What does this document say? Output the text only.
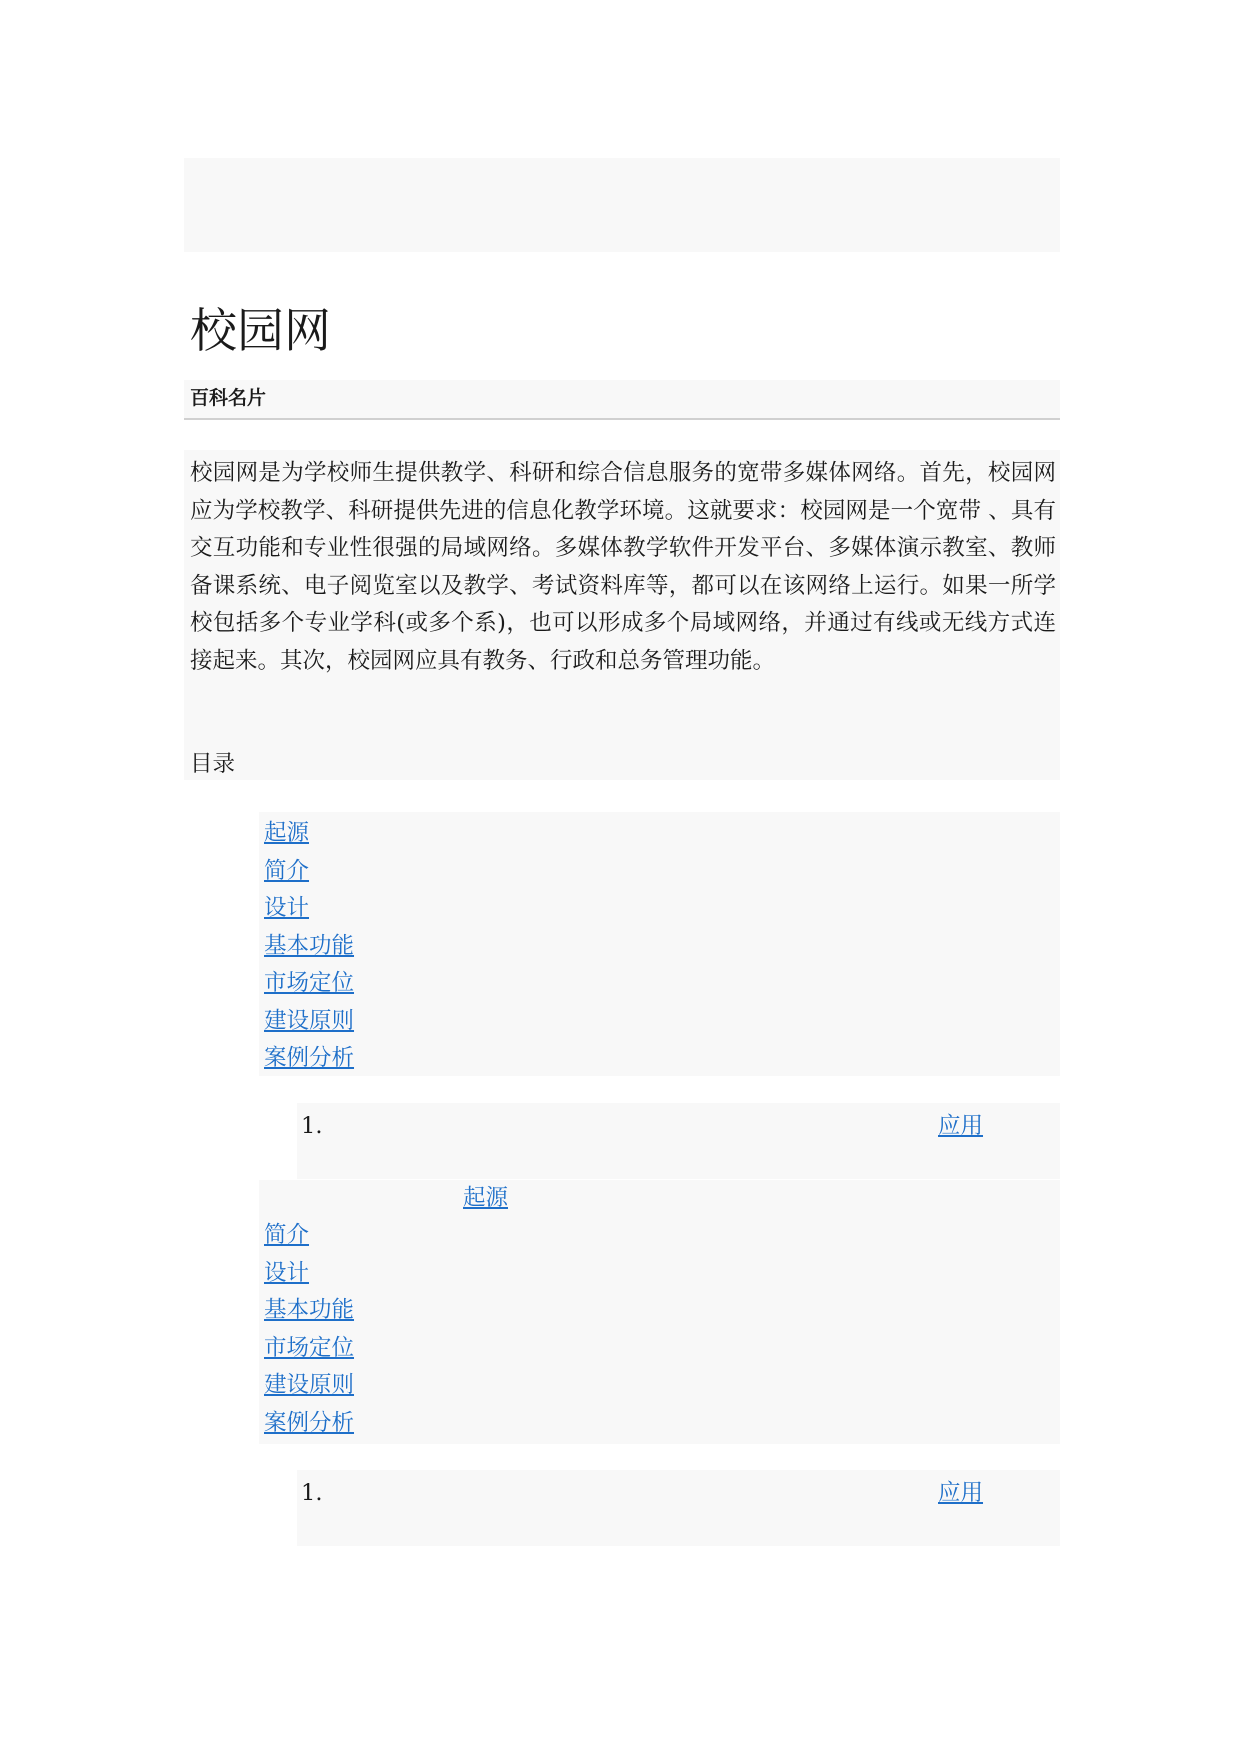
校园网
百科名片

校园网是为学校师生提供教学、科研和综合信息服务的宽带多媒体网络。首先，校园网应为学校教学、科研提供先进的信息化教学环境。这就要求：校园网是一个宽带 、具有交互功能和专业性很强的局域网络。多媒体教学软件开发平台、多媒体演示教室、教师备课系统、电子阅览室以及教学、考试资料库等，都可以在该网络上运行。如果一所学校包括多个专业学科(或多个系)，也可以形成多个局域网络，并通过有线或无线方式连接起来。其次，校园网应具有教务、行政和总务管理功能。

目录
起源
简介
设计
基本功能
市场定位
建设原则
案例分析
1.	应用
起源
简介
设计
基本功能
市场定位
建设原则
案例分析
1.	应用
